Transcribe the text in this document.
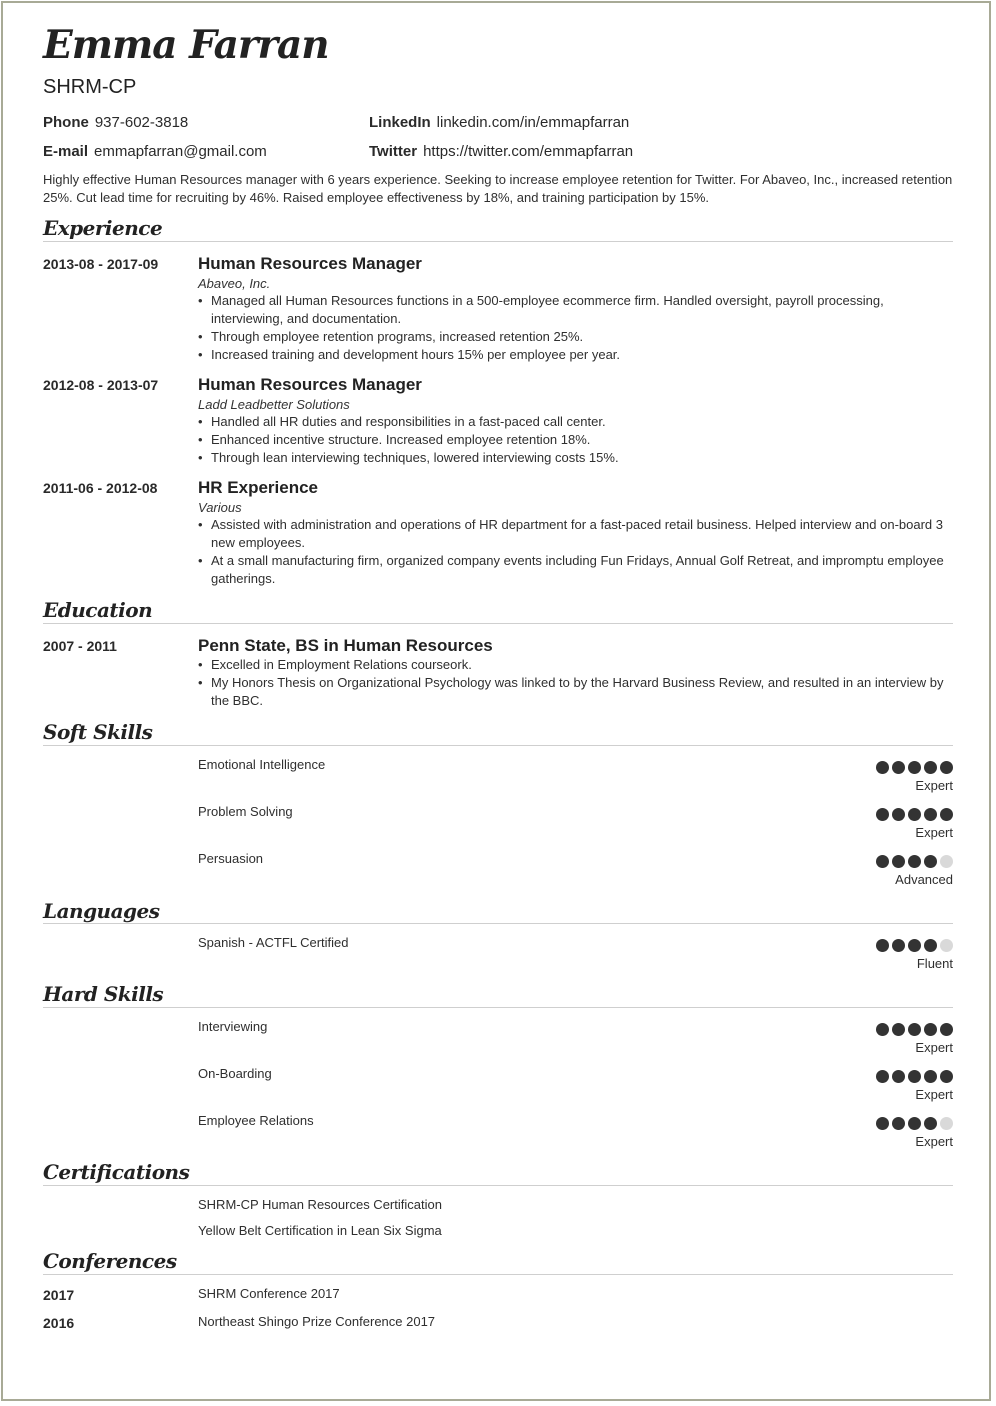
Emma Farran
SHRM-CP
Phone 937-602-3818
E-mail emmapfarran@gmail.com
LinkedIn linkedin.com/in/emmapfarran
Twitter https://twitter.com/emmapfarran
Highly effective Human Resources manager with 6 years experience. Seeking to increase employee retention for Twitter. For Abaveo, Inc., increased retention 25%. Cut lead time for recruiting by 46%. Raised employee effectiveness by 18%, and training participation by 15%.
Experience
2013-08 - 2017-09 Human Resources Manager
Abaveo, Inc.
• Managed all Human Resources functions in a 500-employee ecommerce firm. Handled oversight, payroll processing, interviewing, and documentation.
• Through employee retention programs, increased retention 25%.
• Increased training and development hours 15% per employee per year.
2012-08 - 2013-07 Human Resources Manager
Ladd Leadbetter Solutions
• Handled all HR duties and responsibilities in a fast-paced call center.
• Enhanced incentive structure. Increased employee retention 18%.
• Through lean interviewing techniques, lowered interviewing costs 15%.
2011-06 - 2012-08 HR Experience
Various
• Assisted with administration and operations of HR department for a fast-paced retail business. Helped interview and on-board 3 new employees.
• At a small manufacturing firm, organized company events including Fun Fridays, Annual Golf Retreat, and impromptu employee gatherings.
Education
2007 - 2011	Penn State, BS in Human Resources
• Excelled in Employment Relations courseork.
• My Honors Thesis on Organizational Psychology was linked to by the Harvard Business Review, and resulted in an interview by the BBC.
Soft Skills
Emotional Intelligence
Expert
Problem Solving
Expert
Persuasion
Advanced
Languages
Spanish - ACTFL Certified
Fluent
Hard Skills
Interviewing
Expert
On-Boarding
Expert
Employee Relations
Expert
Certifications
SHRM-CP Human Resources Certification
Yellow Belt Certification in Lean Six Sigma
Conferences
2017	SHRM Conference 2017
2016	Northeast Shingo Prize Conference 2017
